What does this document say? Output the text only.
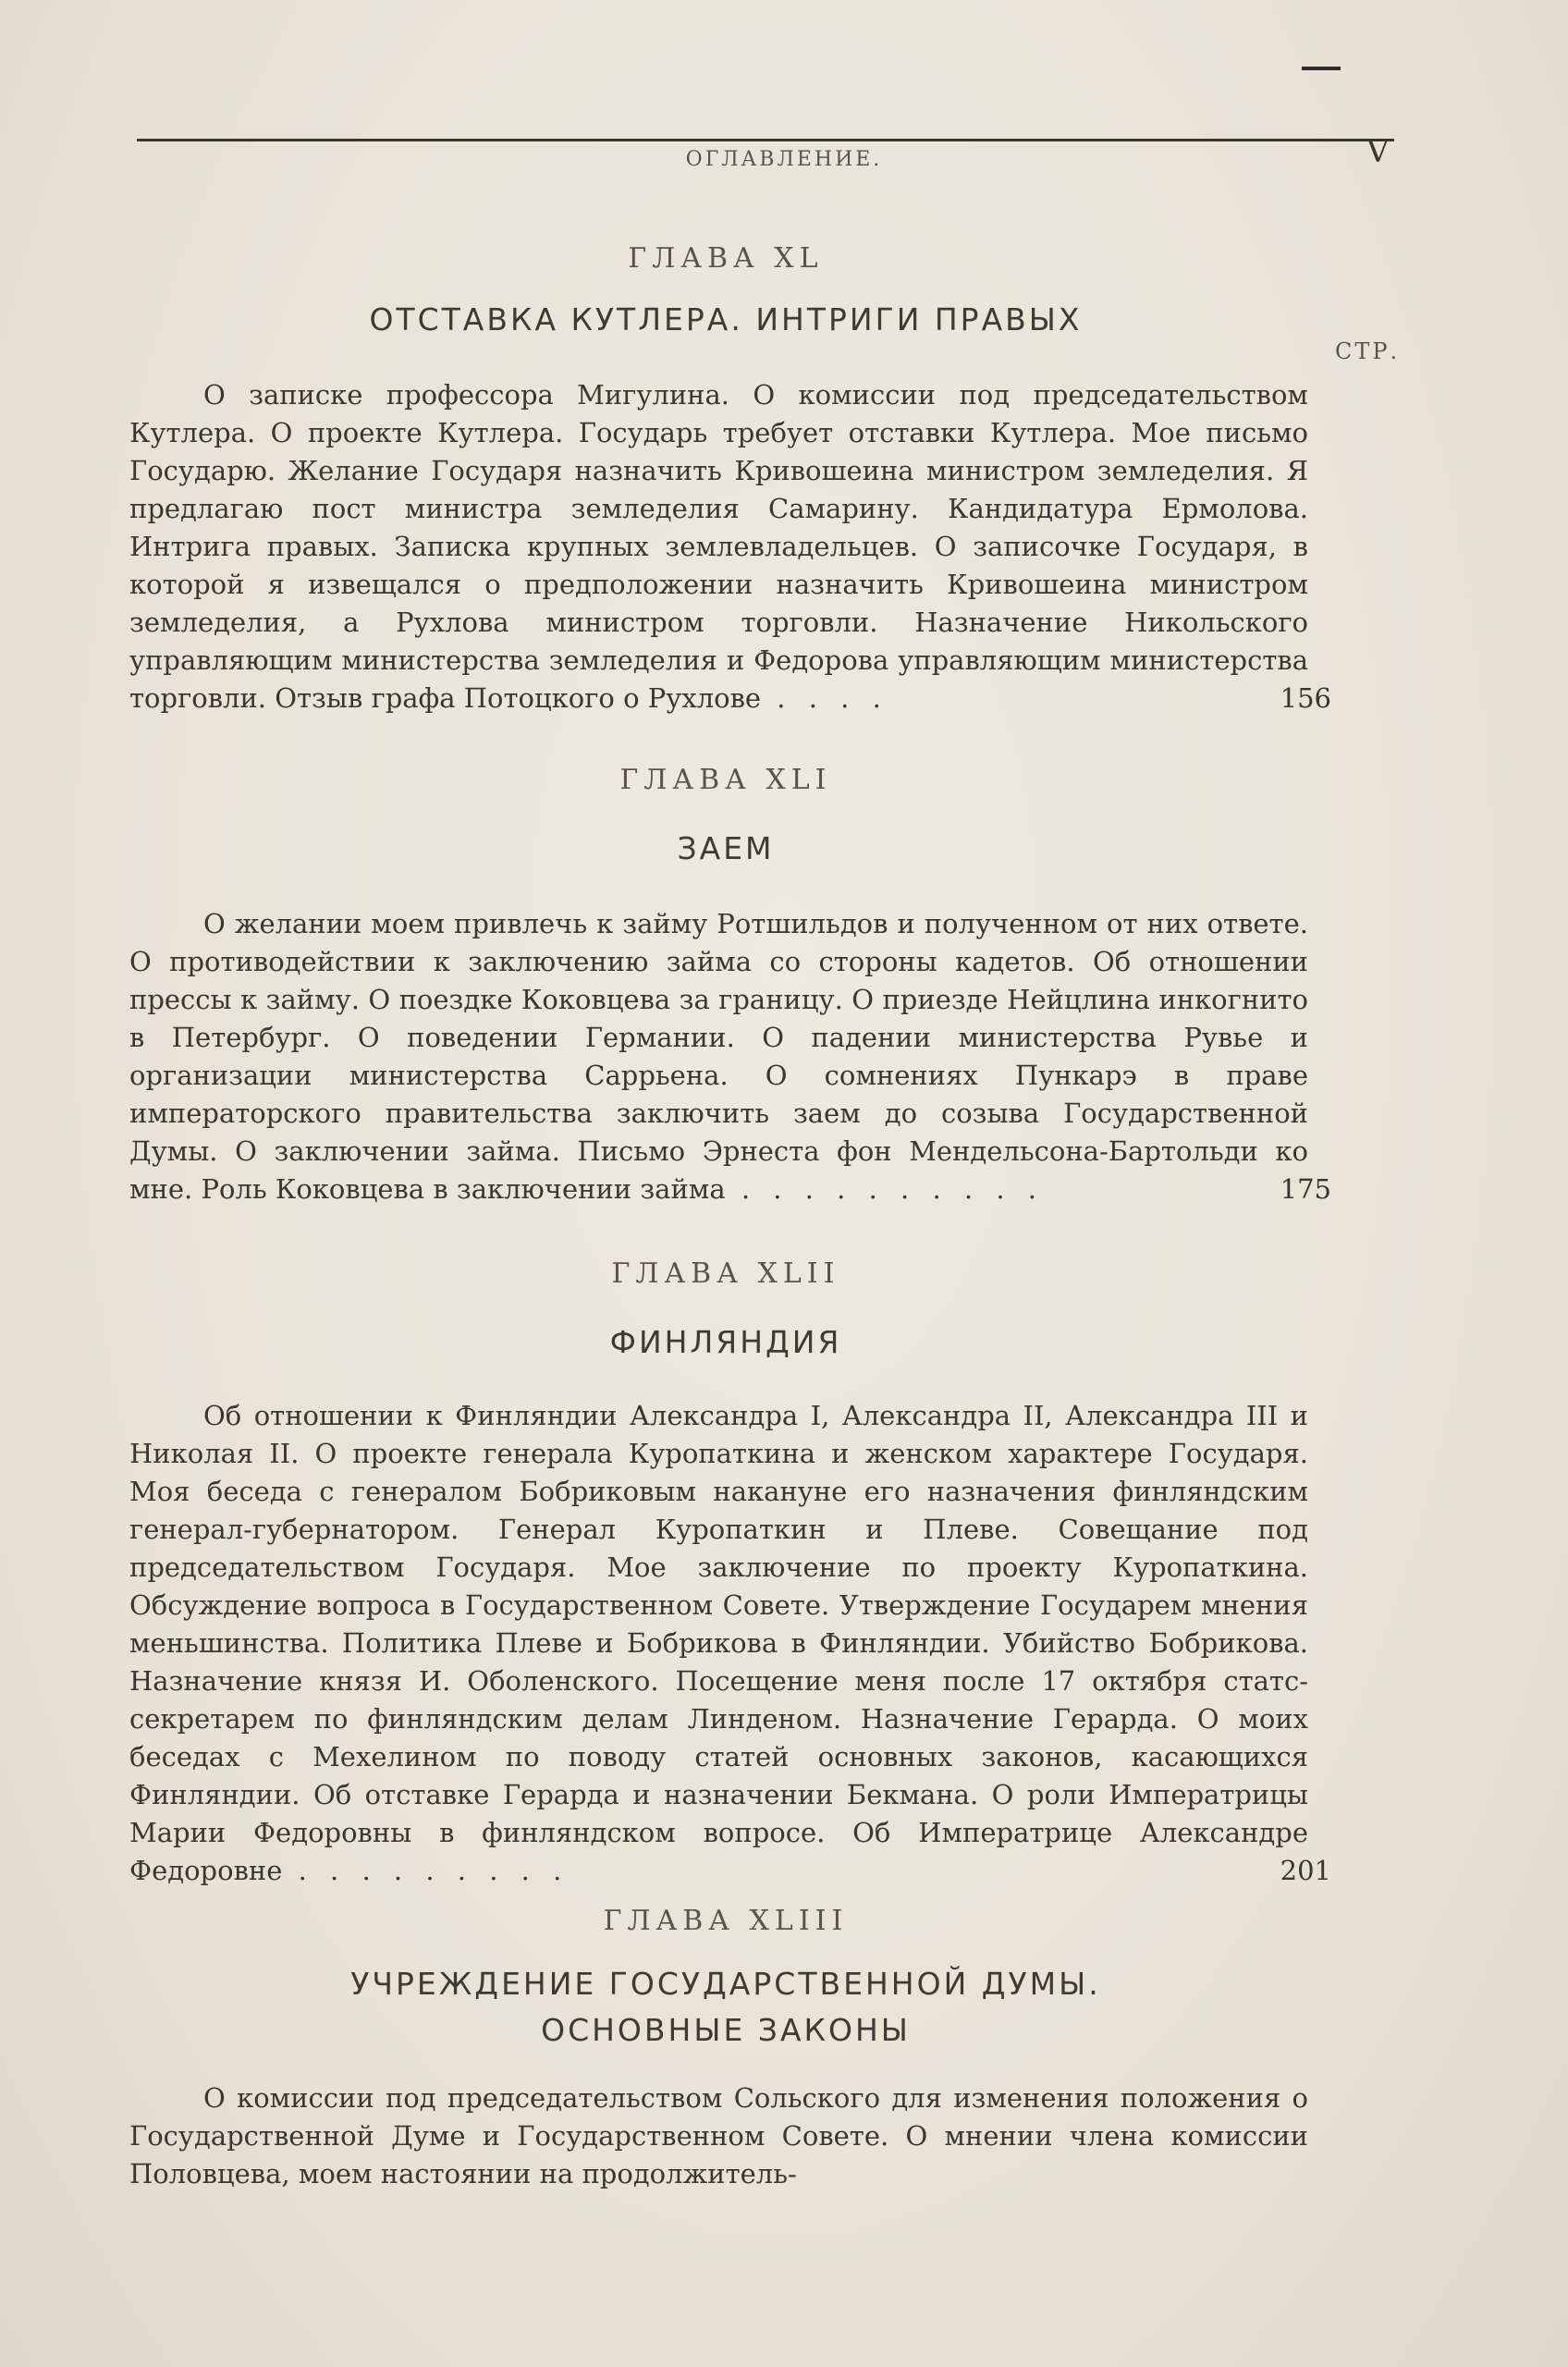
ОГЛАВЛЕНИЕ.	V
СТР.

ГЛАВА XL

ОТСТАВКА КУТЛЕРА. ИНТРИГИ ПРАВЫХ

О записке профессора Мигулина. О комиссии под председательством Кутлера. О проекте Кутлера. Государь требует отставки Кутлера. Мое письмо Государю. Желание Государя назначить Кривошеина министром земледелия. Я предлагаю пост министра земледелия Самарину. Кандидатура Ермолова. Интрига правых. Записка крупных землевладельцев. О записочке Государя, в которой я извещался о предположении назначить Кривошеина министром земледелия, а Рухлова министром торговли. Назначение Никольского управляющим министерства земледелия и Федорова управляющим министерства торговли. Отзыв графа Потоцкого о Рухлове . . . .	156

ГЛАВА XLI

ЗАЕМ

О желании моем привлечь к займу Ротшильдов и полученном от них ответе. О противодействии к заключению займа со стороны кадетов. Об отношении прессы к займу. О поездке Коковцева за границу. О приезде Нейцлина инкогнито в Петербург. О поведении Германии. О падении министерства Рувье и организации министерства Саррьена. О сомнениях Пункарэ в праве императорского правительства заключить заем до созыва Государственной Думы. О заключении займа. Письмо Эрнеста фон Мендельсона-Бартольди ко мне. Роль Коковцева в заключении займа . . . . . . . . . .	175

ГЛАВА XLII

ФИНЛЯНДИЯ

Об отношении к Финляндии Александра I, Александра II, Александра III и Николая II. О проекте генерала Куропаткина и женском характере Государя. Моя беседа с генералом Бобриковым накануне его назначения финляндским генерал-губернатором. Генерал Куропаткин и Плеве. Совещание под председательством Государя. Мое заключение по проекту Куропаткина. Обсуждение вопроса в Государственном Совете. Утверждение Государем мнения меньшинства. Политика Плеве и Бобрикова в Финляндии. Убийство Бобрикова. Назначение князя И. Оболенского. Посещение меня после 17 октября статс-секретарем по финляндским делам Линденом. Назначение Герарда. О моих беседах с Мехелином по поводу статей основных законов, касающихся Финляндии. Об отставке Герарда и назначении Бекмана. О роли Императрицы Марии Федоровны в финляндском вопросе. Об Императрице Александре Федоровне . . . . . . . . .	201

ГЛАВА XLIII

УЧРЕЖДЕНИЕ ГОСУДАРСТВЕННОЙ ДУМЫ. ОСНОВНЫЕ ЗАКОНЫ

О комиссии под председательством Сольского для изменения положения о Государственной Думе и Государственном Совете. О мнении члена комиссии Половцева, моем настоянии на продолжитель-
